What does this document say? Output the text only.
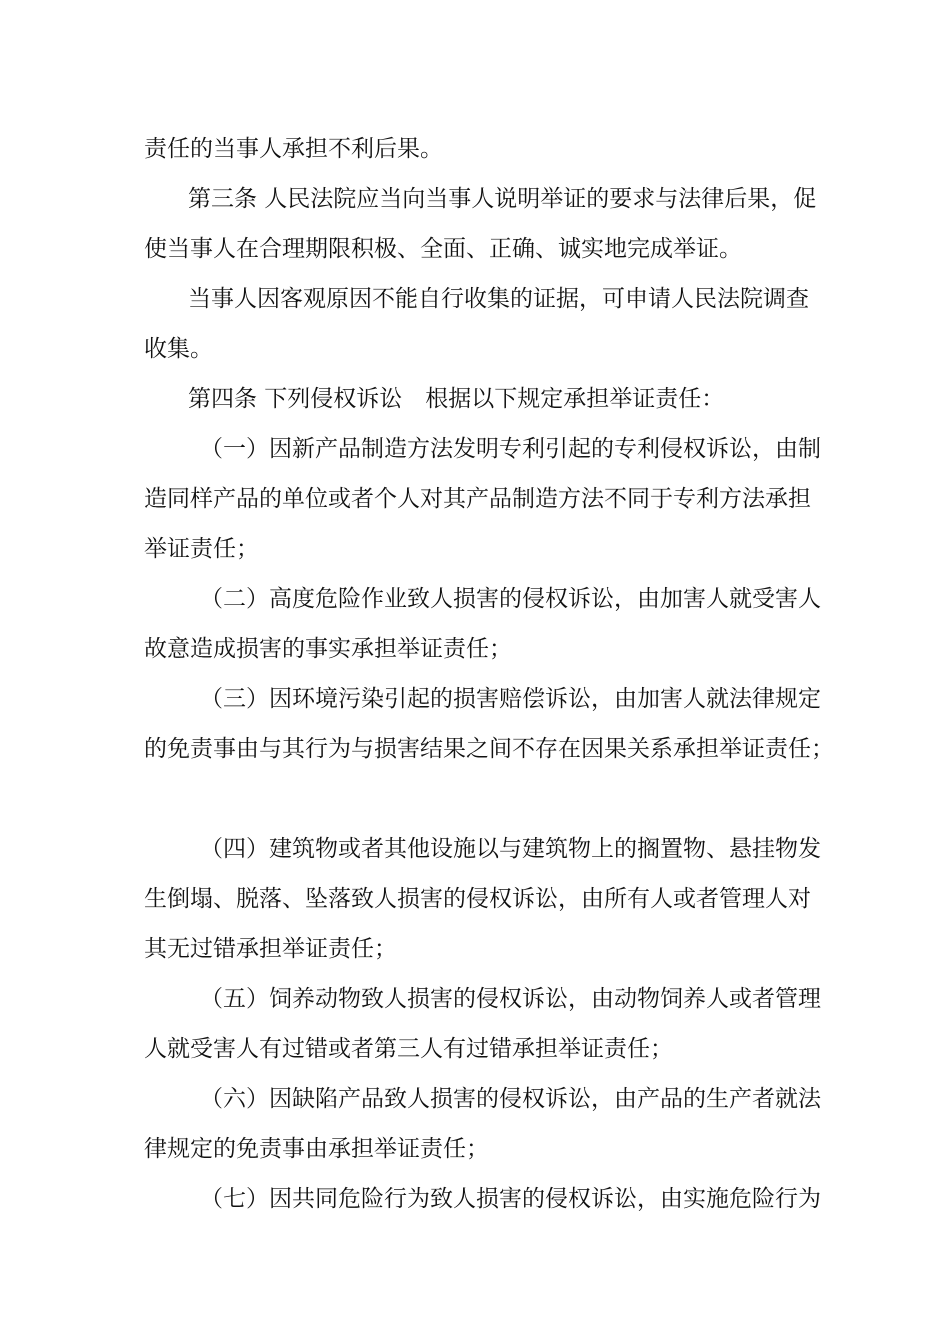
责任的当事人承担不利后果。
第三条 人民法院应当向当事人说明举证的要求与法律后果，促
使当事人在合理期限积极、全面、正确、诚实地完成举证。
当事人因客观原因不能自行收集的证据，可申请人民法院调查
收集。
第四条 下列侵权诉讼　根据以下规定承担举证责任：
（一）因新产品制造方法发明专利引起的专利侵权诉讼，由制
造同样产品的单位或者个人对其产品制造方法不同于专利方法承担
举证责任；
（二）高度危险作业致人损害的侵权诉讼，由加害人就受害人
故意造成损害的事实承担举证责任；
（三）因环境污染引起的损害赔偿诉讼，由加害人就法律规定
的免责事由与其行为与损害结果之间不存在因果关系承担举证责任；
（四）建筑物或者其他设施以与建筑物上的搁置物、悬挂物发
生倒塌、脱落、坠落致人损害的侵权诉讼，由所有人或者管理人对
其无过错承担举证责任；
（五）饲养动物致人损害的侵权诉讼，由动物饲养人或者管理
人就受害人有过错或者第三人有过错承担举证责任；
（六）因缺陷产品致人损害的侵权诉讼，由产品的生产者就法
律规定的免责事由承担举证责任；
（七）因共同危险行为致人损害的侵权诉讼，由实施危险行为
